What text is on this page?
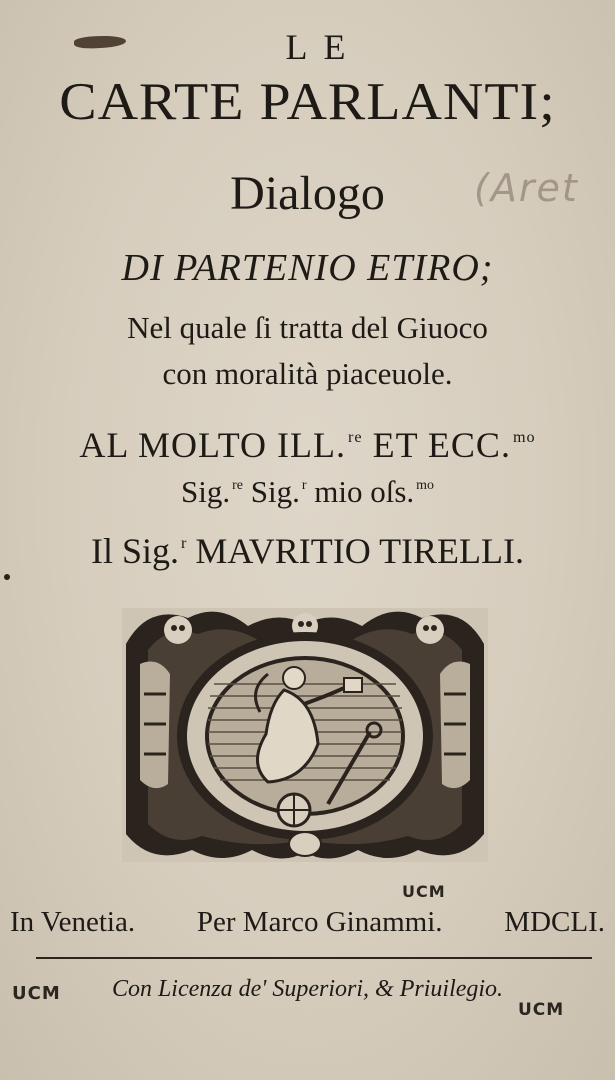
LE
CARTE PARLANTI;
Dialogo	(Aret
DI PARTENIO ETIRO;
Nel quale ſi tratta del Giuoco
con moralità piaceuole.
AL MOLTO ILL. $^{re}$ ET ECC. $^{mo}$
Sig. $^{re}$ Sig. $^r$ mio oſs. $^{mo}$
Il Sig. $^r$ MAVRITIO TIRELLI.
In Venetia. Per Marco Ginammi. MDCLI.
Con Licenza de' Superiori, & Priuilegio.
UCM
UCM
UCM
